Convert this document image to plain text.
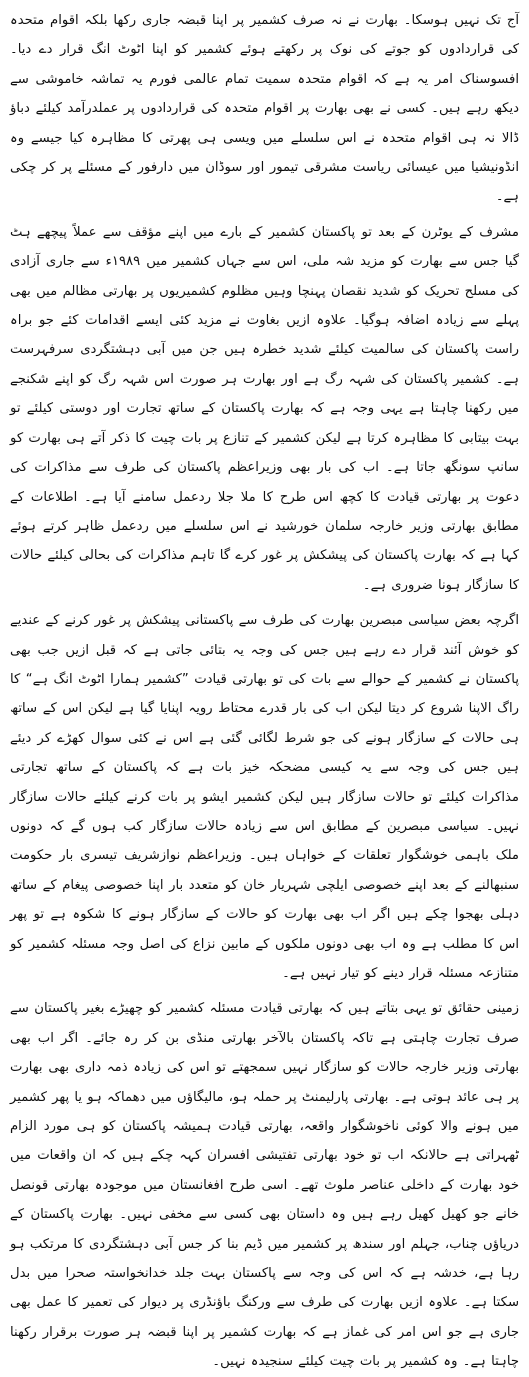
آج تک نہیں ہوسکا۔ بھارت نے نہ صرف کشمیر پر اپنا قبضہ جاری رکھا بلکہ اقوام متحدہ کی قراردادوں کو جوتے کی نوک پر رکھتے ہوئے کشمیر کو اپنا اٹوٹ انگ قرار دے دیا۔ افسوسناک امر یہ ہے کہ اقوام متحدہ سمیت تمام عالمی فورم یہ تماشہ خاموشی سے دیکھ رہے ہیں۔ کسی نے بھی بھارت پر اقوام متحدہ کی قراردادوں پر عملدرآمد کیلئے دباؤ ڈالا نہ ہی اقوام متحدہ نے اس سلسلے میں ویسی ہی پھرتی کا مظاہرہ کیا جیسے وہ انڈونیشیا میں عیسائی ریاست مشرقی تیمور اور سوڈان میں دارفور کے مسئلے پر کر چکی ہے۔

مشرف کے یوٹرن کے بعد تو پاکستان کشمیر کے بارے میں اپنے مؤقف سے عملاً پیچھے ہٹ گیا جس سے بھارت کو مزید شہ ملی، اس سے جہاں کشمیر میں ۱۹۸۹ء سے جاری آزادی کی مسلح تحریک کو شدید نقصان پہنچا وہیں مظلوم کشمیریوں پر بھارتی مظالم میں بھی پہلے سے زیادہ اضافہ ہوگیا۔ علاوہ ازیں بغاوت نے مزید کئی ایسے اقدامات کئے جو براہ راست پاکستان کی سالمیت کیلئے شدید خطرہ ہیں جن میں آبی دہشتگردی سرفہرست ہے۔ کشمیر پاکستان کی شہہ رگ ہے اور بھارت ہر صورت اس شہہ رگ کو اپنے شکنجے میں رکھنا چاہتا ہے یہی وجہ ہے کہ بھارت پاکستان کے ساتھ تجارت اور دوستی کیلئے تو بہت بیتابی کا مظاہرہ کرتا ہے لیکن کشمیر کے تنازع پر بات چیت کا ذکر آتے ہی بھارت کو سانپ سونگھ جاتا ہے۔ اب کی بار بھی وزیراعظم پاکستان کی طرف سے مذاکرات کی دعوت پر بھارتی قیادت کا کچھ اس طرح کا ملا جلا ردعمل سامنے آیا ہے۔ اطلاعات کے مطابق بھارتی وزیر خارجہ سلمان خورشید نے اس سلسلے میں ردعمل ظاہر کرتے ہوئے کہا ہے کہ بھارت پاکستان کی پیشکش پر غور کرے گا تاہم مذاکرات کی بحالی کیلئے حالات کا سازگار ہونا ضروری ہے۔

اگرچہ بعض سیاسی مبصرین بھارت کی طرف سے پاکستانی پیشکش پر غور کرنے کے عندیے کو خوش آئند قرار دے رہے ہیں جس کی وجہ یہ بتائی جاتی ہے کہ قبل ازیں جب بھی پاکستان نے کشمیر کے حوالے سے بات کی تو بھارتی قیادت ”کشمیر ہمارا اٹوٹ انگ ہے“ کا راگ الاپنا شروع کر دیتا لیکن اب کی بار قدرے محتاط رویہ اپنایا گیا ہے لیکن اس کے ساتھ ہی حالات کے سازگار ہونے کی جو شرط لگائی گئی ہے اس نے کئی سوال کھڑے کر دیئے ہیں جس کی وجہ سے یہ کیسی مضحکہ خیز بات ہے کہ پاکستان کے ساتھ تجارتی مذاکرات کیلئے تو حالات سازگار ہیں لیکن کشمیر ایشو پر بات کرنے کیلئے حالات سازگار نہیں۔ سیاسی مبصرین کے مطابق اس سے زیادہ حالات سازگار کب ہوں گے کہ دونوں ملک باہمی خوشگوار تعلقات کے خواہاں ہیں۔ وزیراعظم نوازشریف تیسری بار حکومت سنبھالنے کے بعد اپنے خصوصی ایلچی شہریار خان کو متعدد بار اپنا خصوصی پیغام کے ساتھ دہلی بھجوا چکے ہیں اگر اب بھی بھارت کو حالات کے سازگار ہونے کا شکوہ ہے تو پھر اس کا مطلب ہے وہ اب بھی دونوں ملکوں کے مابین نزاع کی اصل وجہ مسئلہ کشمیر کو متنازعہ مسئلہ قرار دینے کو تیار نہیں ہے۔

زمینی حقائق تو یہی بتاتے ہیں کہ بھارتی قیادت مسئلہ کشمیر کو چھیڑے بغیر پاکستان سے صرف تجارت چاہتی ہے تاکہ پاکستان بالآخر بھارتی منڈی بن کر رہ جائے۔ اگر اب بھی بھارتی وزیر خارجہ حالات کو سازگار نہیں سمجھتے تو اس کی زیادہ ذمہ داری بھی بھارت پر ہی عائد ہوتی ہے۔ بھارتی پارلیمنٹ پر حملہ ہو، مالیگاؤں میں دھماکہ ہو یا پھر کشمیر میں ہونے والا کوئی ناخوشگوار واقعہ، بھارتی قیادت ہمیشہ پاکستان کو ہی مورد الزام ٹھہراتی ہے حالانکہ اب تو خود بھارتی تفتیشی افسران کہہ چکے ہیں کہ ان واقعات میں خود بھارت کے داخلی عناصر ملوث تھے۔ اسی طرح افغانستان میں موجودہ بھارتی قونصل خانے جو کھیل کھیل رہے ہیں وہ داستان بھی کسی سے مخفی نہیں۔ بھارت پاکستان کے دریاؤں چناب، جہلم اور سندھ پر کشمیر میں ڈیم بنا کر جس آبی دہشتگردی کا مرتکب ہو رہا ہے، خدشہ ہے کہ اس کی وجہ سے پاکستان بہت جلد خدانخواستہ صحرا میں بدل سکتا ہے۔ علاوہ ازیں بھارت کی طرف سے ورکنگ باؤنڈری پر دیوار کی تعمیر کا عمل بھی جاری ہے جو اس امر کی غماز ہے کہ بھارت کشمیر پر اپنا قبضہ ہر صورت برقرار رکھنا چاہتا ہے۔ وہ کشمیر پر بات چیت کیلئے سنجیدہ نہیں۔
